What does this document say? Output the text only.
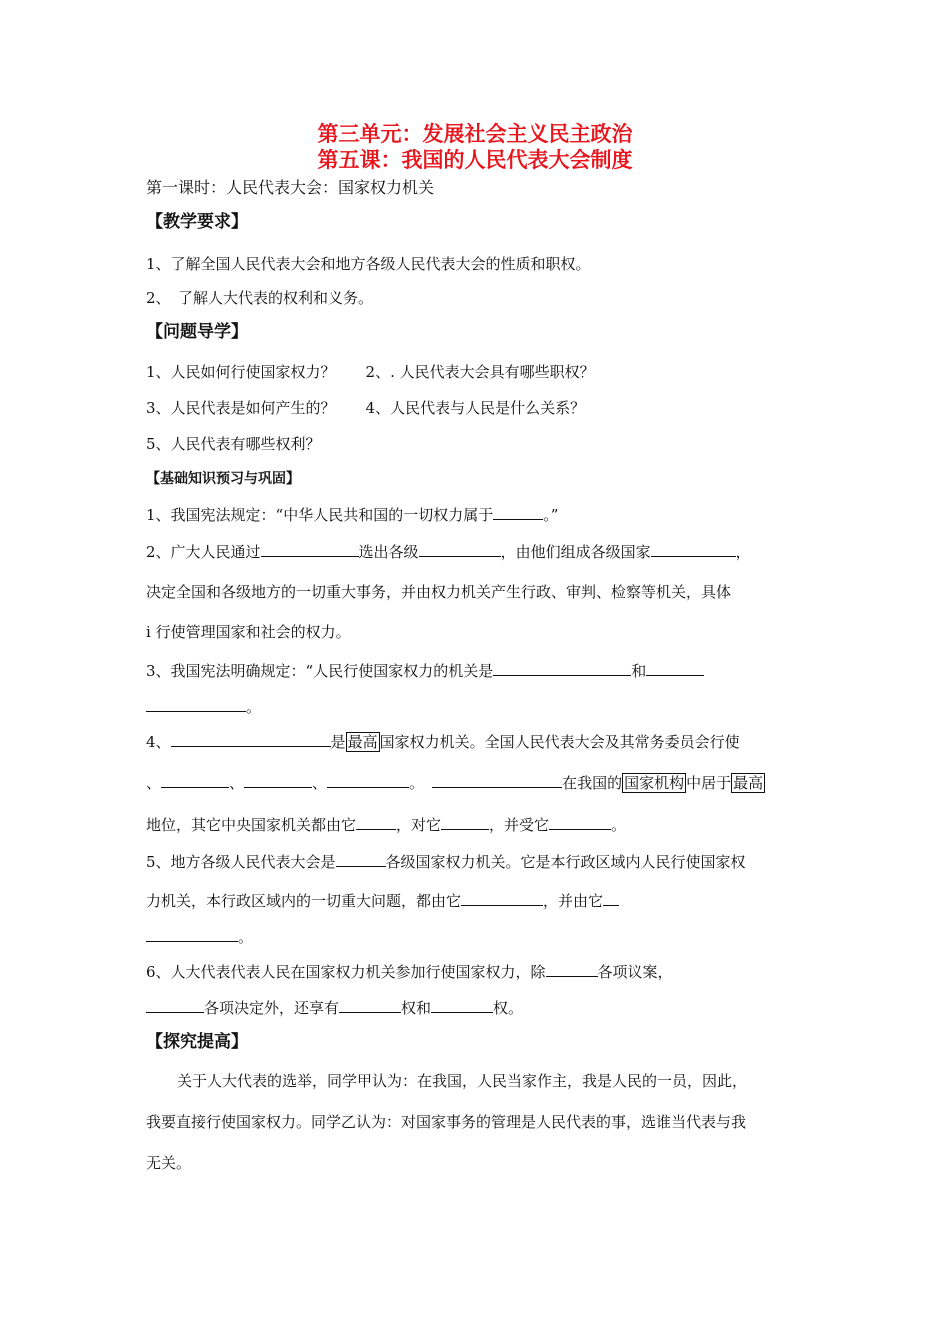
第三单元：发展社会主义民主政治
第五课：我国的人民代表大会制度
第一课时：人民代表大会：国家权力机关
【教学要求】
1、了解全国人民代表大会和地方各级人民代表大会的性质和职权。
2、　了解人大代表的权利和义务。
【问题导学】
1、人民如何行使国家权力？　　2、. 人民代表大会具有哪些职权？
3、人民代表是如何产生的？　　4、人民代表与人民是什么关系？
5、人民代表有哪些权利？
【基础知识预习与巩固】
1、我国宪法规定：“中华人民共和国的一切权力属于	。”
2、广大人民通过	选出各级	，由他们组成各级国家	，
决定全国和各级地方的一切重大事务，并由权力机关产生行政、审判、检察等机关，具体
i 行使管理国家和社会的权力。
3、我国宪法明确规定：“人民行使国家权力的机关是	和
。
4、	是 最高 国家权力机关。全国人民代表大会及其常务委员会行使
、	、	、	。	在我国的 国家机构 中居于 最高
地位，其它中央国家机关都由它	，对它	，并受它	。
5、地方各级人民代表大会是	各级国家权力机关。它是本行政区域内人民行使国家权
力机关，本行政区域内的一切重大问题，都由它	，并由它
。
6、人大代表代表人民在国家权力机关参加行使国家权力，除	各项议案，
各项决定外，还享有	权和	权。
【探究提高】
关于人大代表的选举，同学甲认为：在我国，人民当家作主，我是人民的一员，因此，
我要直接行使国家权力。同学乙认为：对国家事务的管理是人民代表的事，选谁当代表与我
无关。
